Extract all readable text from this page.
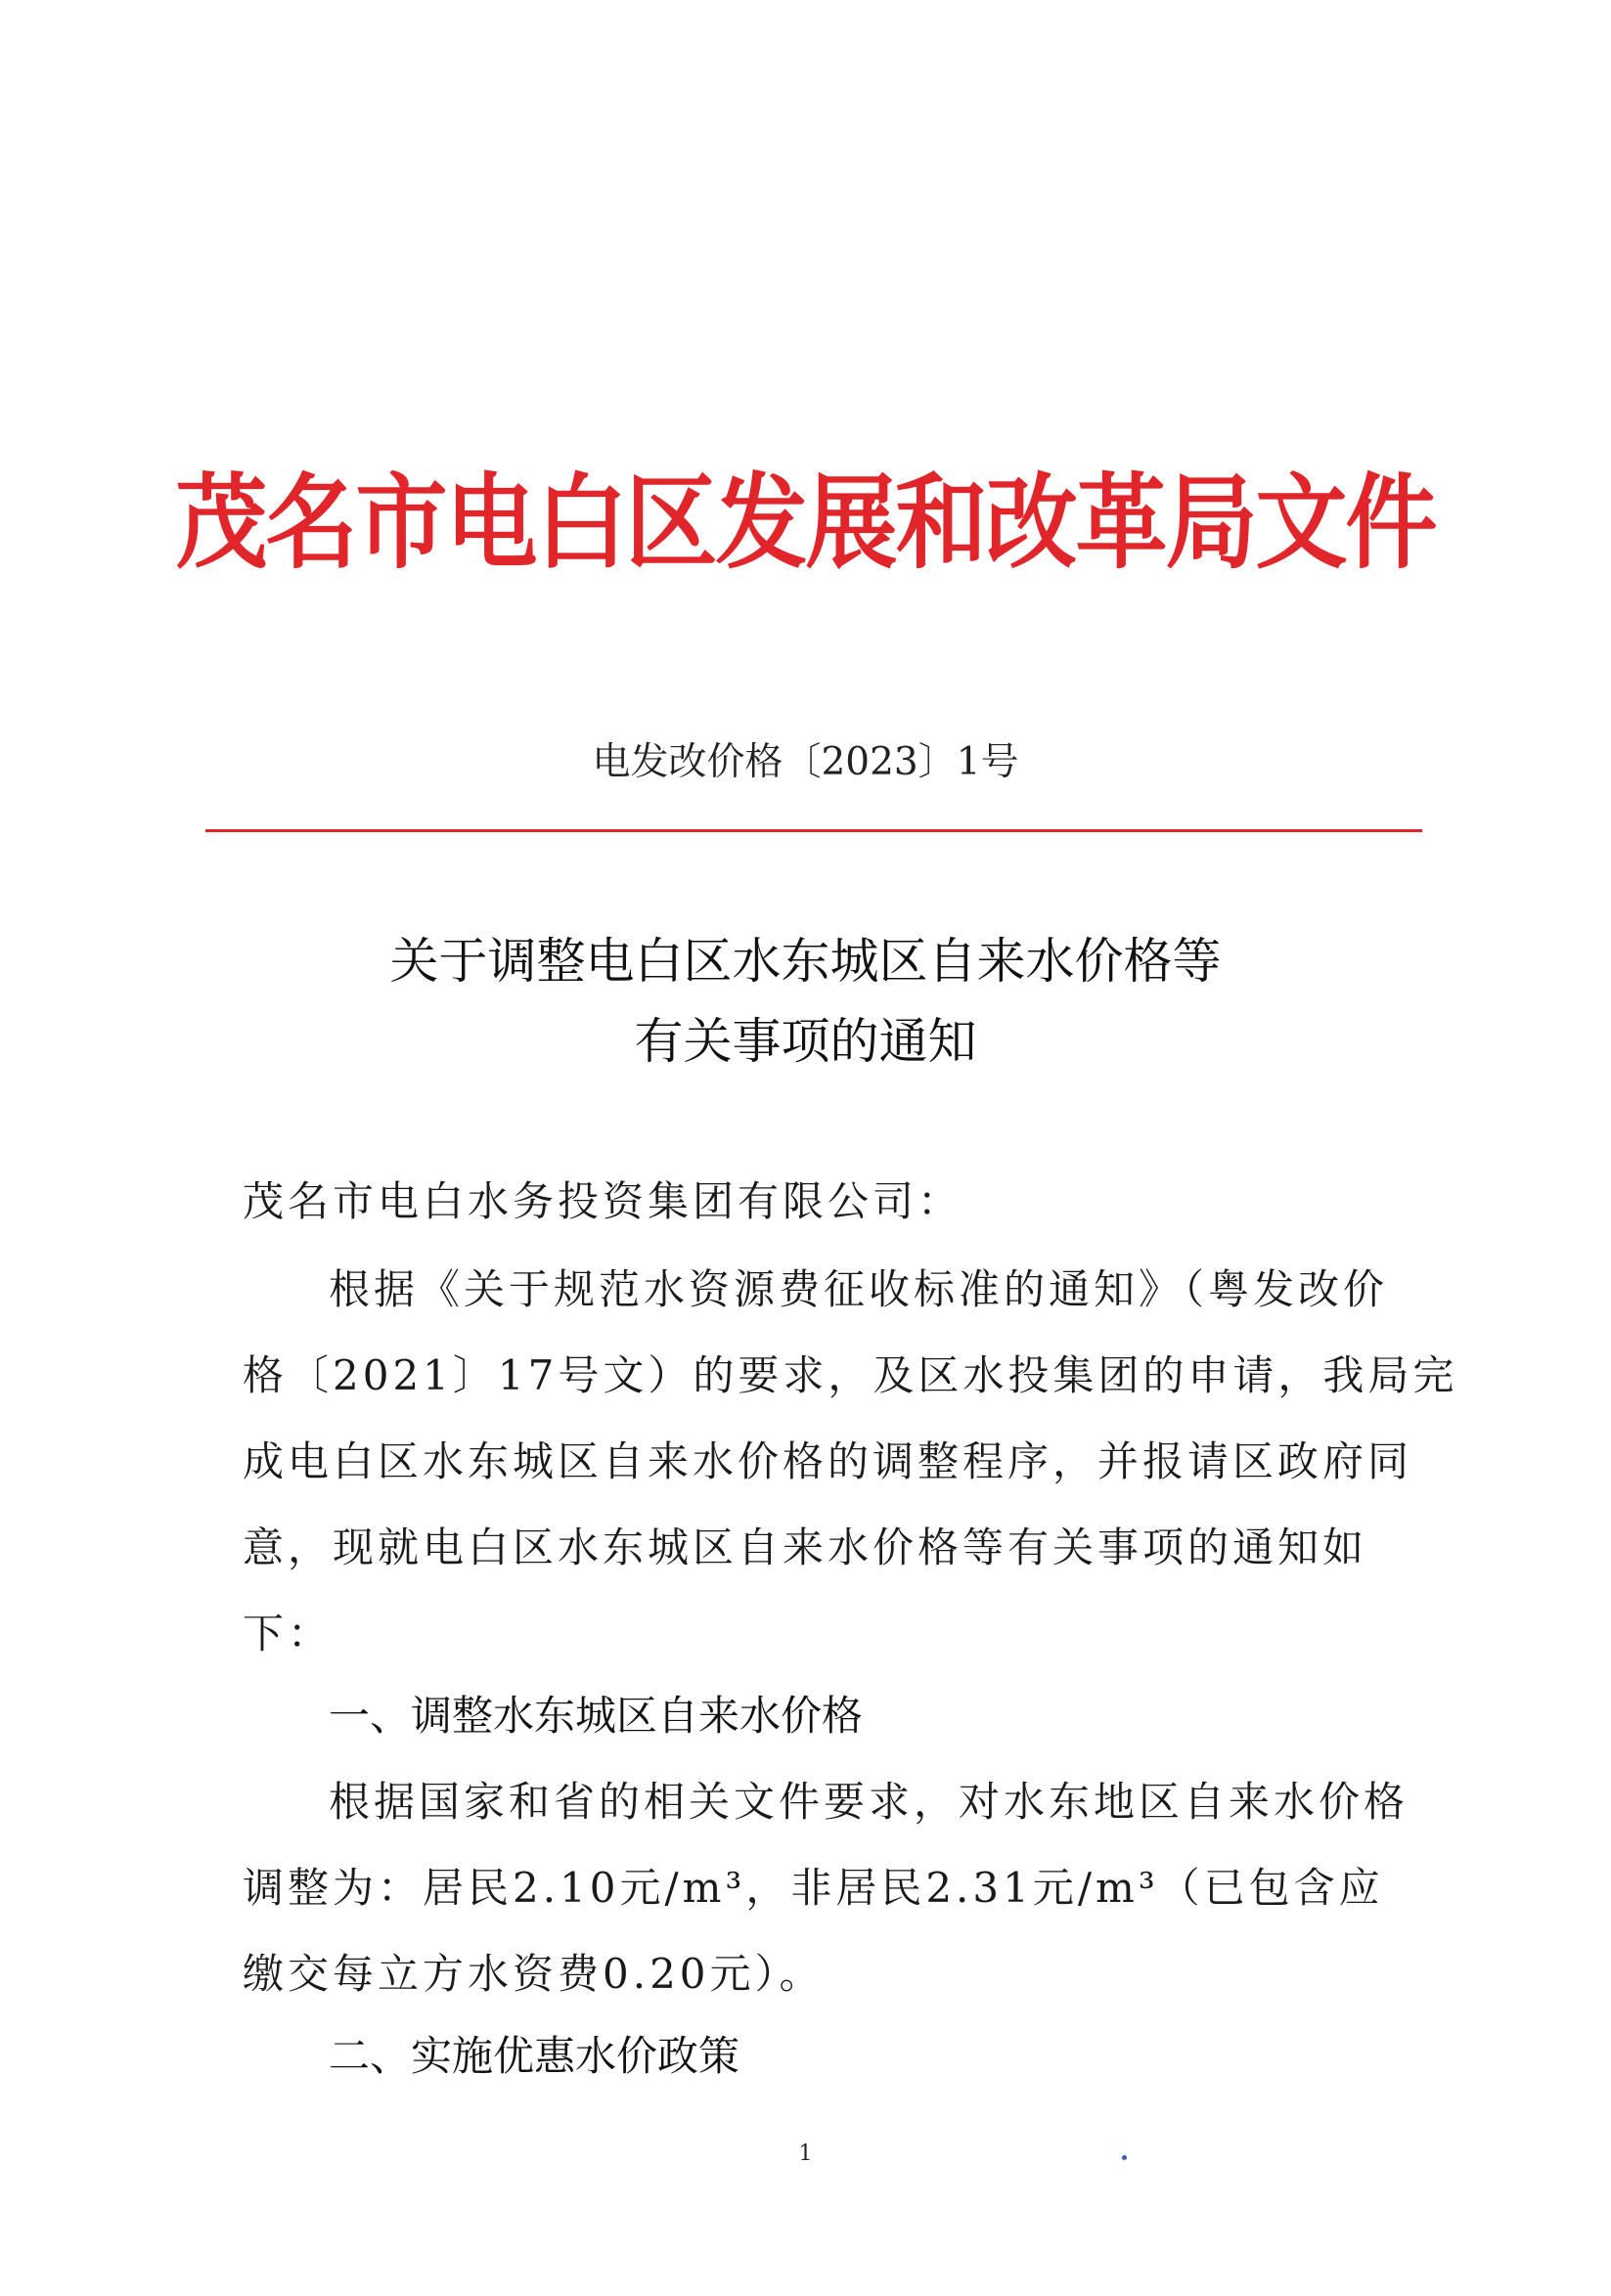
茂名市电白区发展和改革局文件
电发改价格〔2023〕1号
关于调整电白区水东城区自来水价格等
有关事项的通知
茂名市电白水务投资集团有限公司：
根据《关于规范水资源费征收标准的通知》（粤发改价
格〔2021〕17号文）的要求，及区水投集团的申请，我局完
成电白区水东城区自来水价格的调整程序，并报请区政府同
意，现就电白区水东城区自来水价格等有关事项的通知如
下：
一、调整水东城区自来水价格
根据国家和省的相关文件要求，对水东地区自来水价格
调整为：居民2.10元/m³，非居民2.31元/m³（已包含应
缴交每立方水资费0.20元）。
二、实施优惠水价政策
1
